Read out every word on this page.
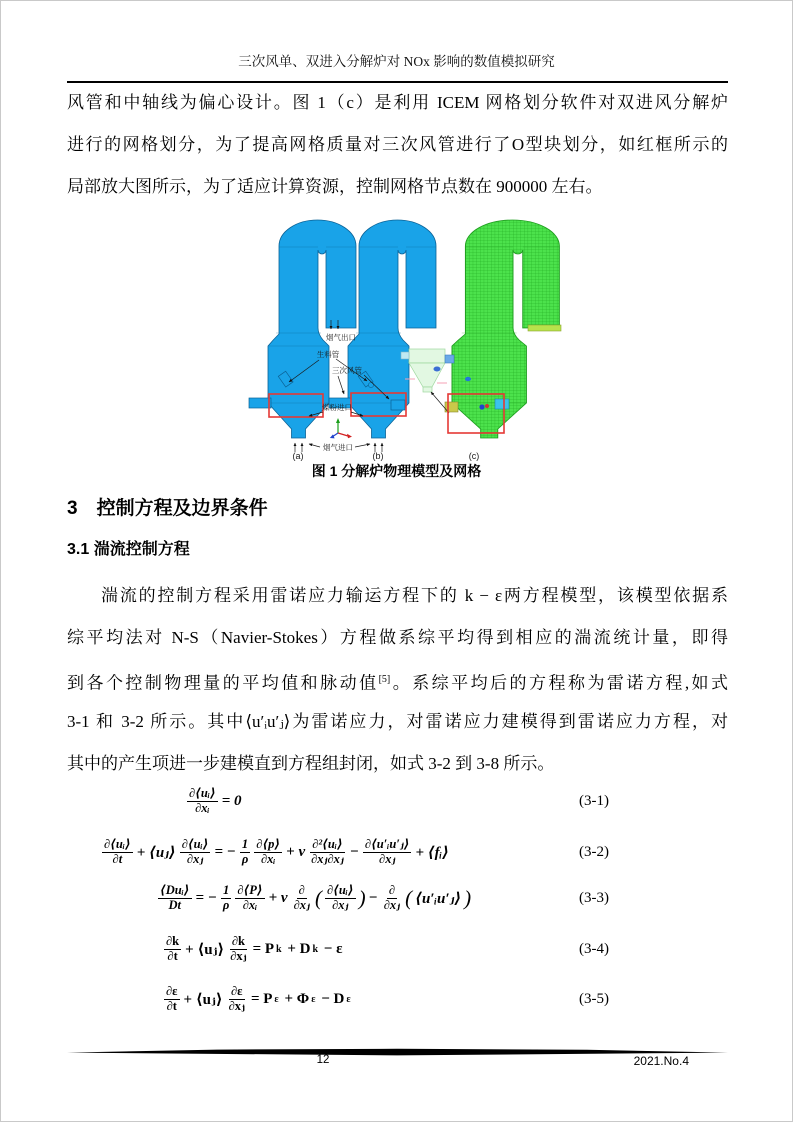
三次风单、双进入分解炉对 NOx 影响的数值模拟研究
风管和中轴线为偏心设计。图 1（c）是利用 ICEM 网格划分软件对双进风分解炉
进行的网格划分，为了提高网格质量对三次风管进行了O型块划分，如红框所示的
局部放大图所示，为了适应计算资源，控制网格节点数在 900000 左右。
烟气出口
生料管
三次风管
煤粉进口
烟气进口
(a)	(b)	(c)
图 1 分解炉物理模型及网格
3　控制方程及边界条件
3.1 湍流控制方程
湍流的控制方程采用雷诺应力输运方程下的 k − ε两方程模型，该模型依据系
综平均法对 N-S（Navier-Stokes）方程做系综平均得到相应的湍流统计量，即得
到各个控制物理量的平均值和脉动值[5]。系综平均后的方程称为雷诺方程,如式
3-1 和 3-2 所示。其中⟨u′ᵢu′ⱼ⟩为雷诺应力，对雷诺应力建模得到雷诺应力方程，对
其中的产生项进一步建模直到方程组封闭，如式 3-2 到 3-8 所示。
$\frac{\text{∂⟨uᵢ⟩}}{\text{∂xᵢ}} = 0$	(3-1)
$\frac{\text{∂⟨uᵢ⟩}}{\partial t}$ + ⟨uⱼ⟩ $\frac{\text{∂⟨uᵢ⟩}}{\text{∂xⱼ}}$ = − $\frac{1}{\rho} \frac{\partial⟨p⟩}{\text{∂xᵢ}} + \nu \frac{\text{∂²⟨uᵢ⟩}}{\text{∂xⱼ∂xⱼ}} - \frac{\text{∂⟨u′ᵢu′ⱼ⟩}}{\text{∂xⱼ}}$ + ⟨fᵢ⟩	(3-2)
$\frac{\text{⟨Duᵢ⟩}}{Dt}$ = − $\frac{1}{\rho} \frac{\partial⟨P⟩}{\text{∂xᵢ}} + \nu \frac{\partial}{\text{∂xⱼ}}$ ( $\frac{\text{∂⟨uᵢ⟩}}{\text{∂xⱼ}}$ ) − $\frac{\partial}{\text{∂xⱼ}}$ ( ⟨u′ᵢu′ⱼ⟩ )	(3-3)
$\frac{\partial k}{\partial t}$ + ⟨uⱼ⟩ $\frac{\partial k}{\text{∂xⱼ}} = P$ k + D k − ε	(3-4)
$\frac{\partial\varepsilon}{\partial t}$ + ⟨uⱼ⟩ $\frac{\partial\varepsilon}{\text{∂xⱼ}} = P$ ε + Φ ε − D ε	(3-5)
12	2021.No.4
